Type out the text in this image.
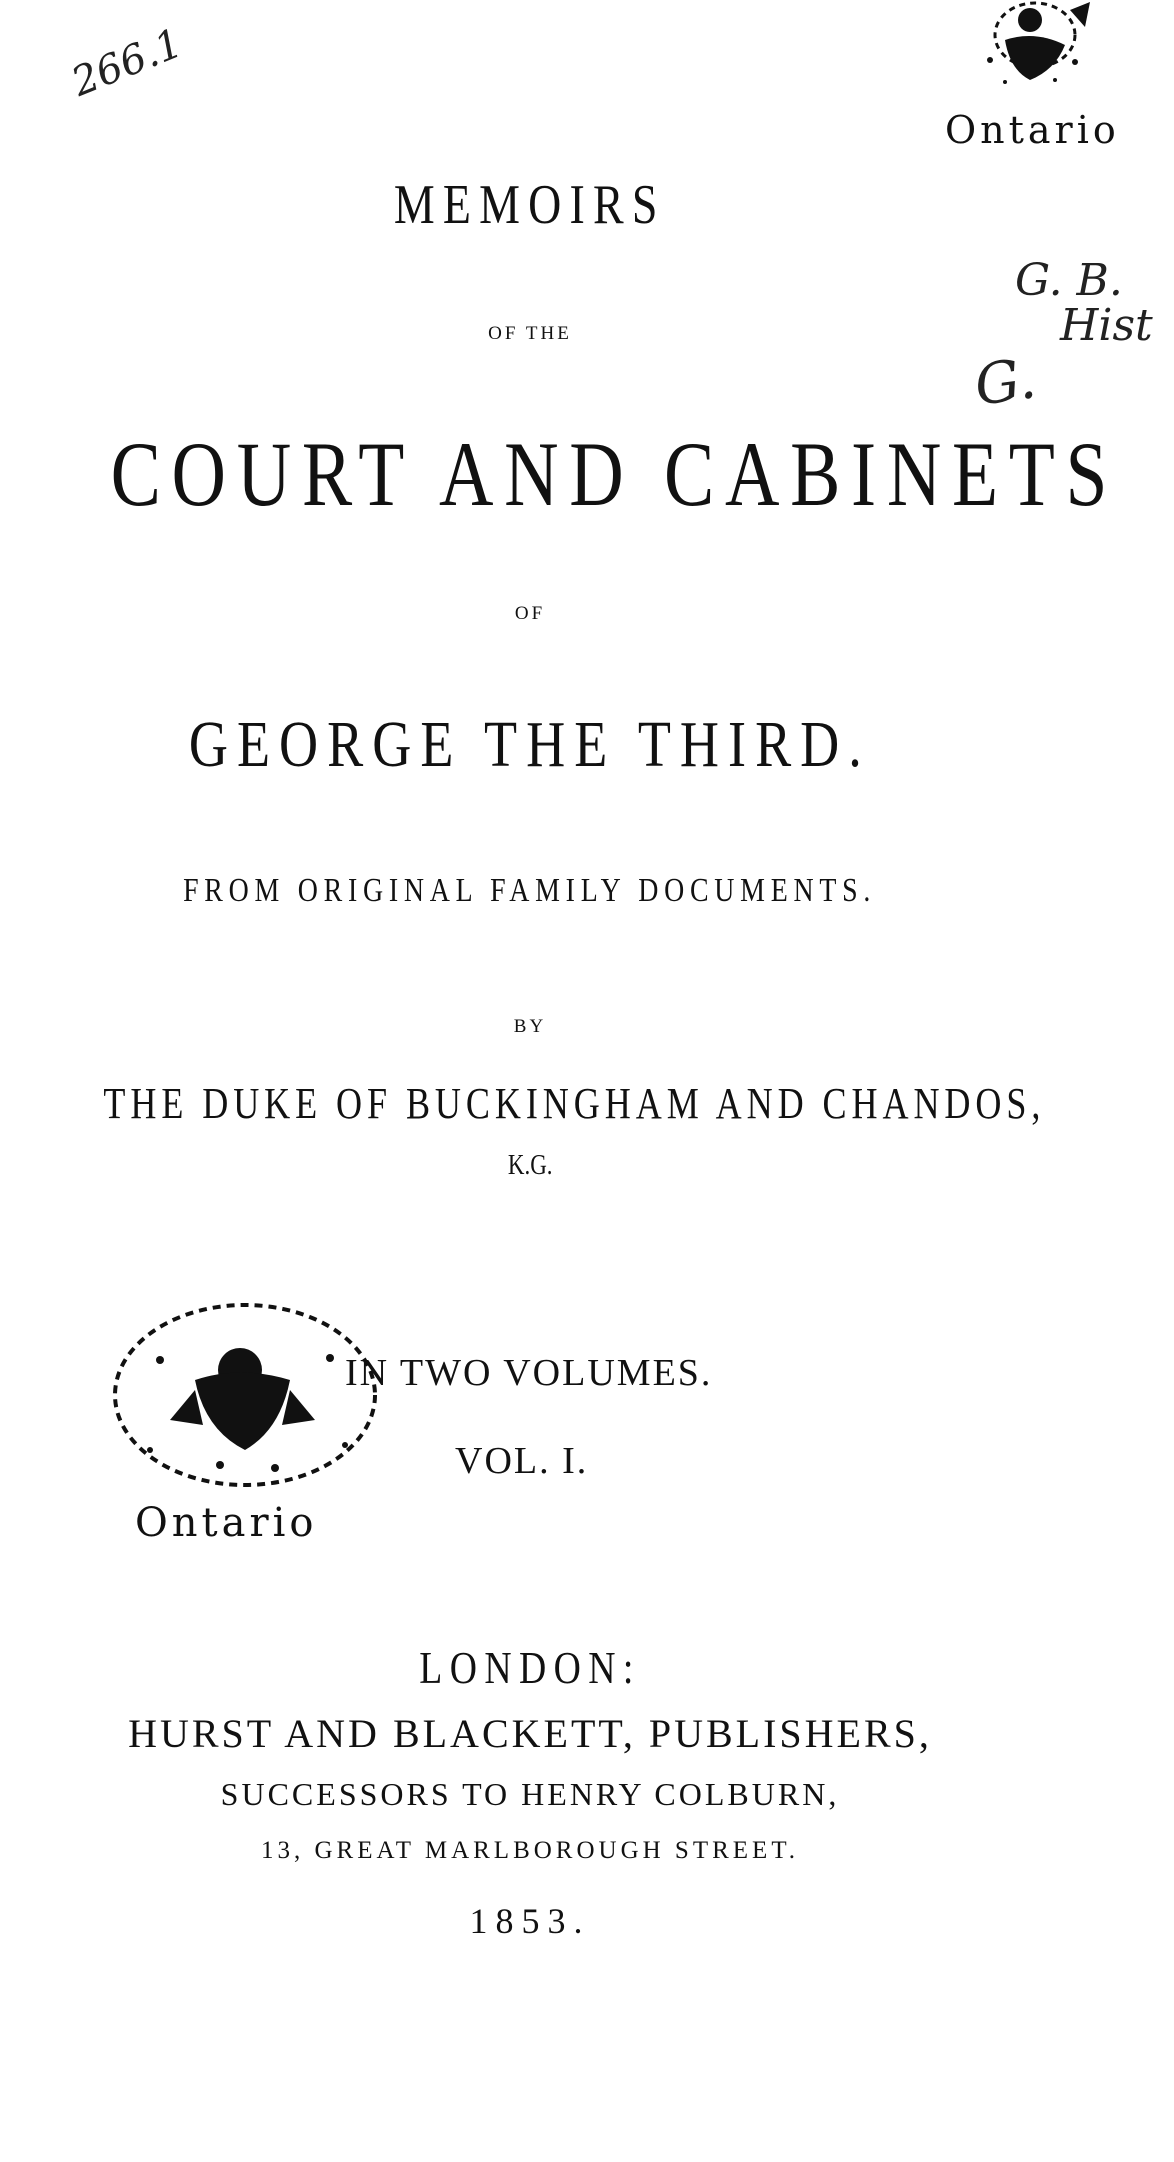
266.1
Ontario
G. B.
Hist
G.
MEMOIRS
OF THE
COURT AND CABINETS
OF
GEORGE THE THIRD.
FROM ORIGINAL FAMILY DOCUMENTS.
BY
THE DUKE OF BUCKINGHAM AND CHANDOS,
K.G.
Ontario
IN TWO VOLUMES.
VOL. I.
LONDON:
HURST AND BLACKETT, PUBLISHERS,
SUCCESSORS TO HENRY COLBURN,
13, GREAT MARLBOROUGH STREET.
1853.
